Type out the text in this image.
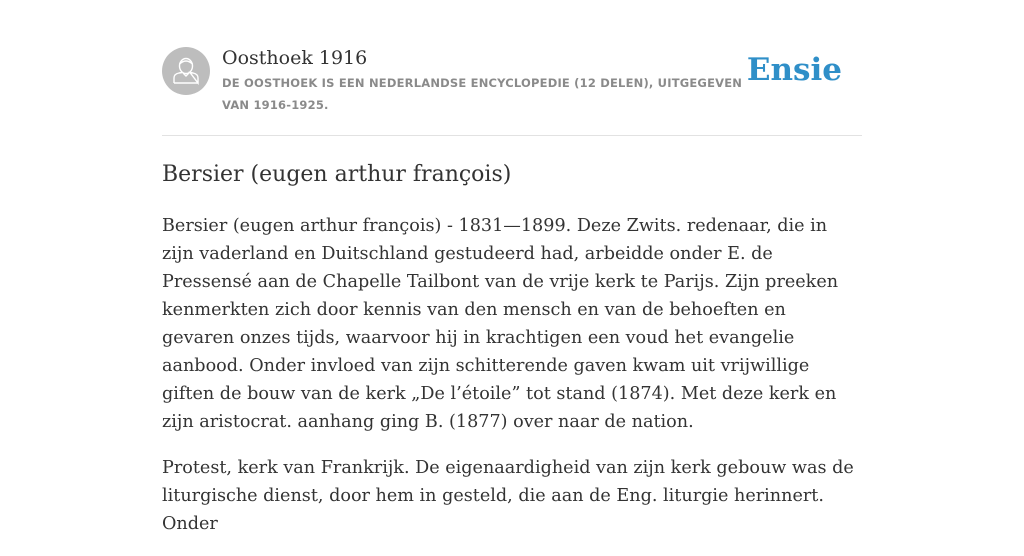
Oosthoek 1916
DE OOSTHOEK IS EEN NEDERLANDSE ENCYCLOPEDIE (12 DELEN), UITGEGEVEN VAN 1916-1925.
Ensie
Bersier (eugen arthur françois)

Bersier (eugen arthur françois) - 1831—1899. Deze Zwits. redenaar, die in zijn vaderland en Duitschland gestudeerd had, arbeidde onder E. de Pressensé aan de Chapelle Tailbont van de vrije kerk te Parijs. Zijn preeken kenmerkten zich door kennis van den mensch en van de behoeften en gevaren onzes tijds, waarvoor hij in krachtigen een voud het evangelie aanbood. Onder invloed van zijn schitterende gaven kwam uit vrijwillige giften de bouw van de kerk „De l’étoile” tot stand (1874). Met deze kerk en zijn aristocrat. aanhang ging B. (1877) over naar de nation.

Protest, kerk van Frankrijk. De eigenaardigheid van zijn kerk gebouw was de liturgische dienst, door hem in gesteld, die aan de Eng. liturgie herinnert. Onder
